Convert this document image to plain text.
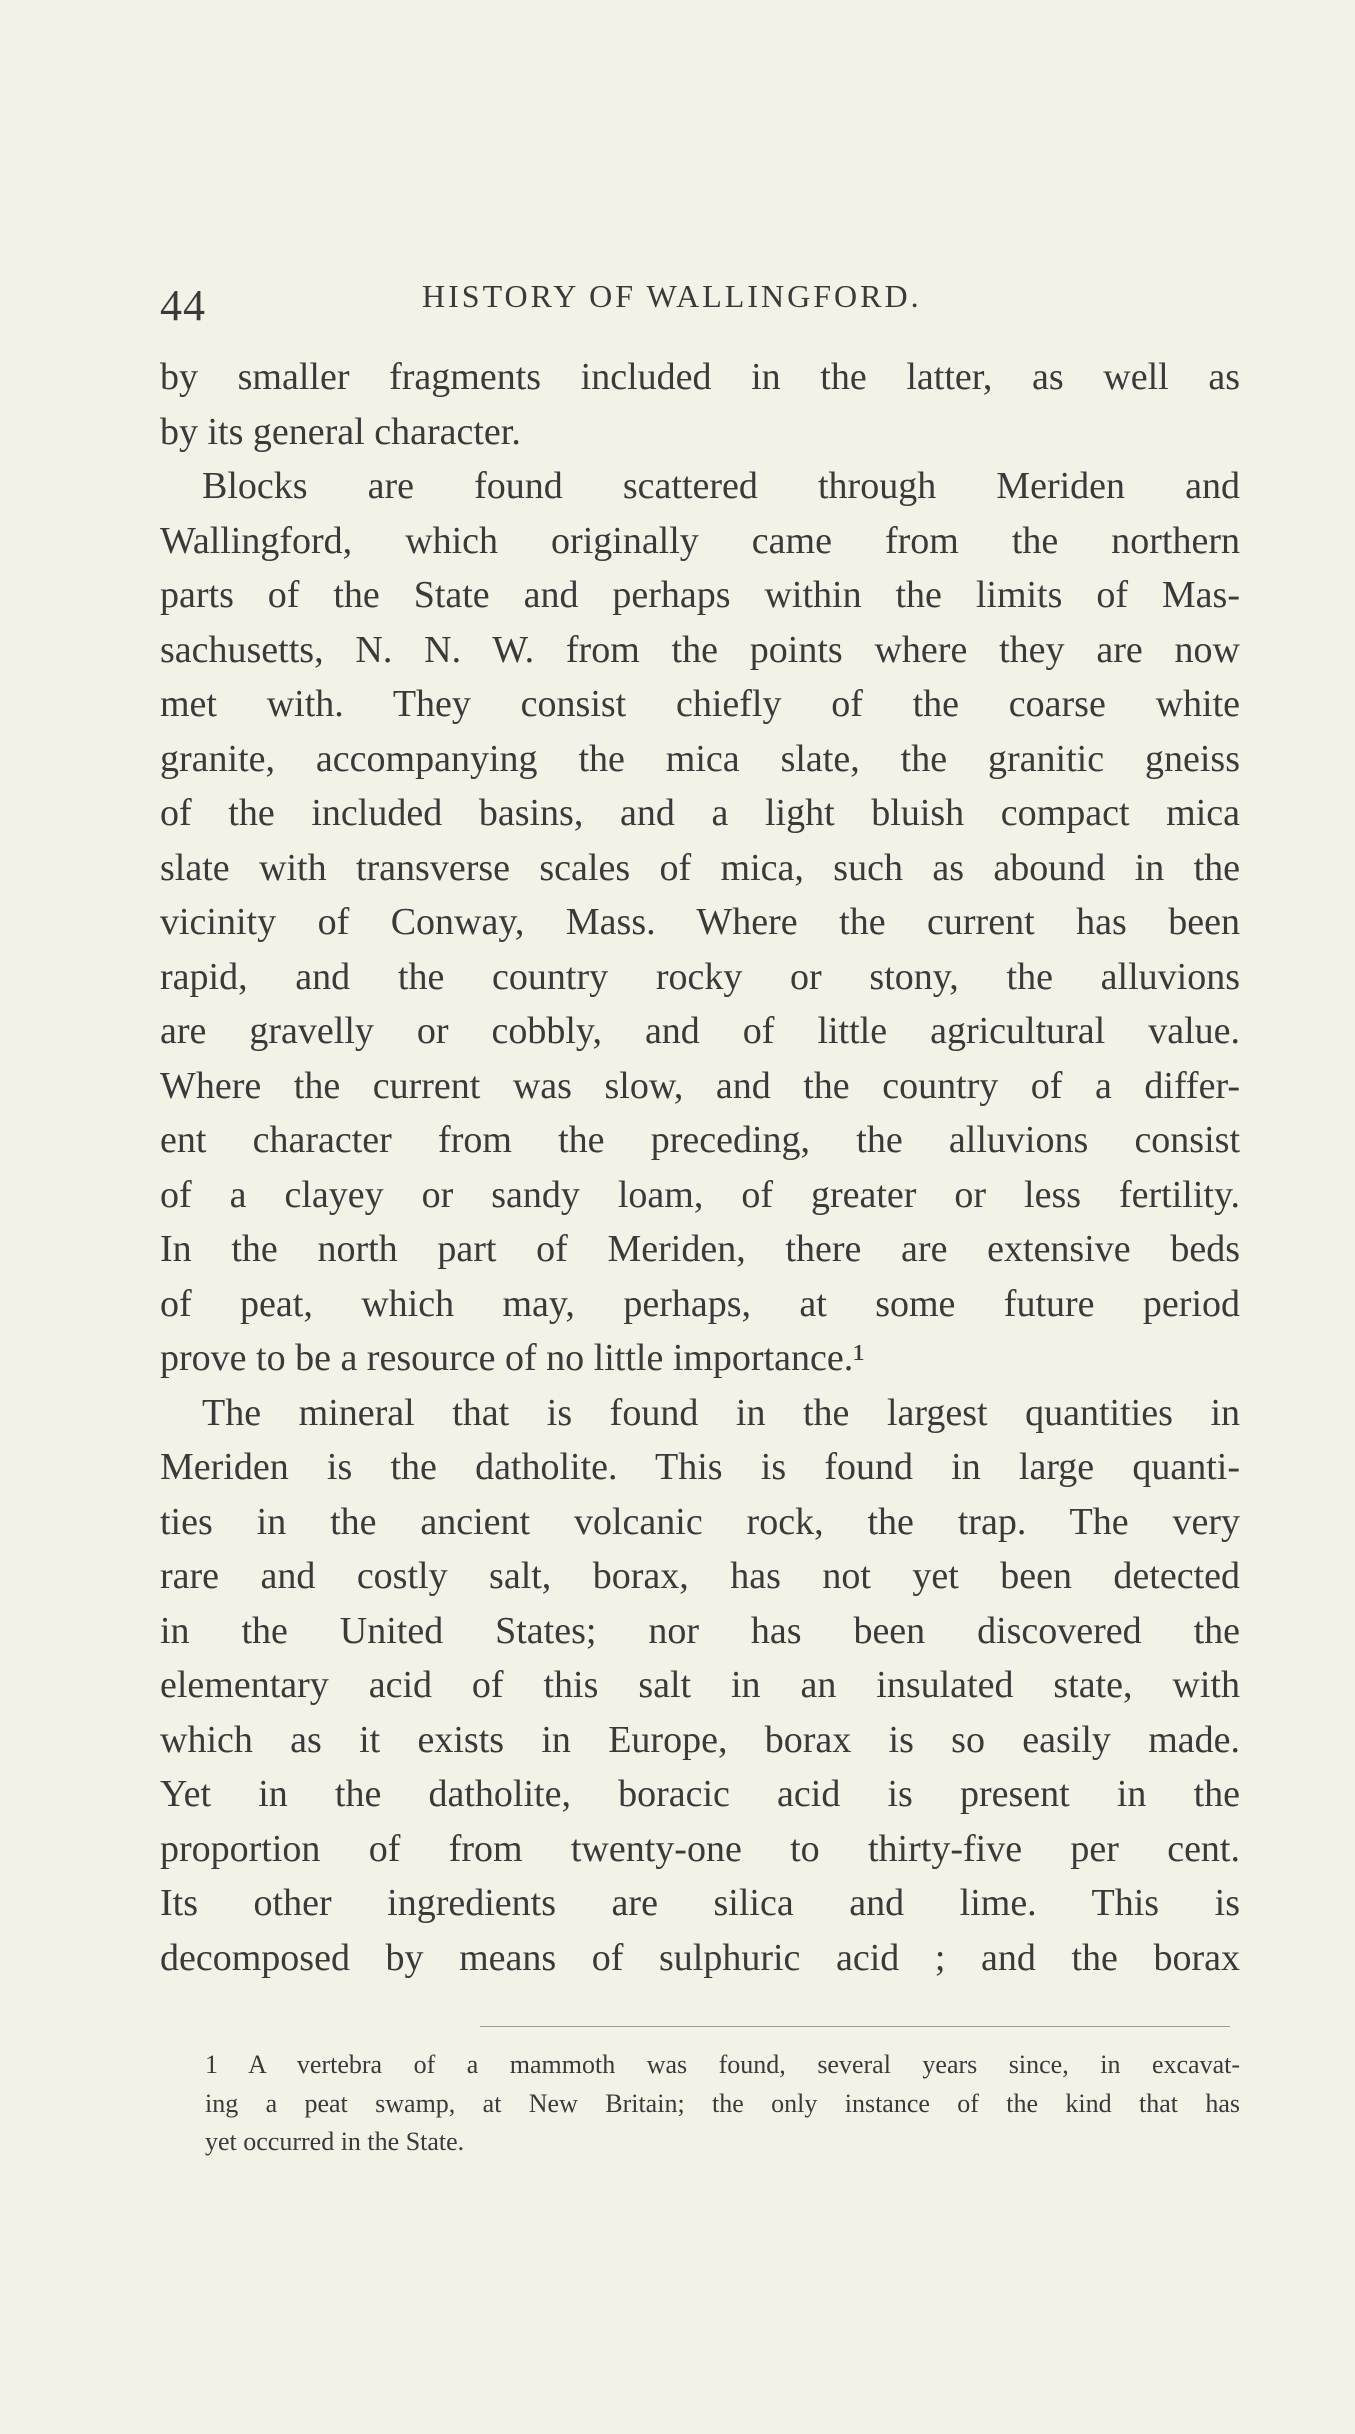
44	HISTORY OF WALLINGFORD.
by smaller fragments included in the latter, as well as
by its general character.
Blocks are found scattered through Meriden and
Wallingford, which originally came from the northern
parts of the State and perhaps within the limits of Mas-
sachusetts, N. N. W. from the points where they are now
met with. They consist chiefly of the coarse white
granite, accompanying the mica slate, the granitic gneiss
of the included basins, and a light bluish compact mica
slate with transverse scales of mica, such as abound in the
vicinity of Conway, Mass. Where the current has been
rapid, and the country rocky or stony, the alluvions
are gravelly or cobbly, and of little agricultural value.
Where the current was slow, and the country of a differ-
ent character from the preceding, the alluvions consist
of a clayey or sandy loam, of greater or less fertility.
In the north part of Meriden, there are extensive beds
of peat, which may, perhaps, at some future period
prove to be a resource of no little importance.¹
The mineral that is found in the largest quantities in
Meriden is the datholite. This is found in large quanti-
ties in the ancient volcanic rock, the trap. The very
rare and costly salt, borax, has not yet been detected
in the United States; nor has been discovered the
elementary acid of this salt in an insulated state, with
which as it exists in Europe, borax is so easily made.
Yet in the datholite, boracic acid is present in the
proportion of from twenty-one to thirty-five per cent.
Its other ingredients are silica and lime. This is
decomposed by means of sulphuric acid ; and the borax
1 A vertebra of a mammoth was found, several years since, in excavat-
ing a peat swamp, at New Britain; the only instance of the kind that has
yet occurred in the State.
